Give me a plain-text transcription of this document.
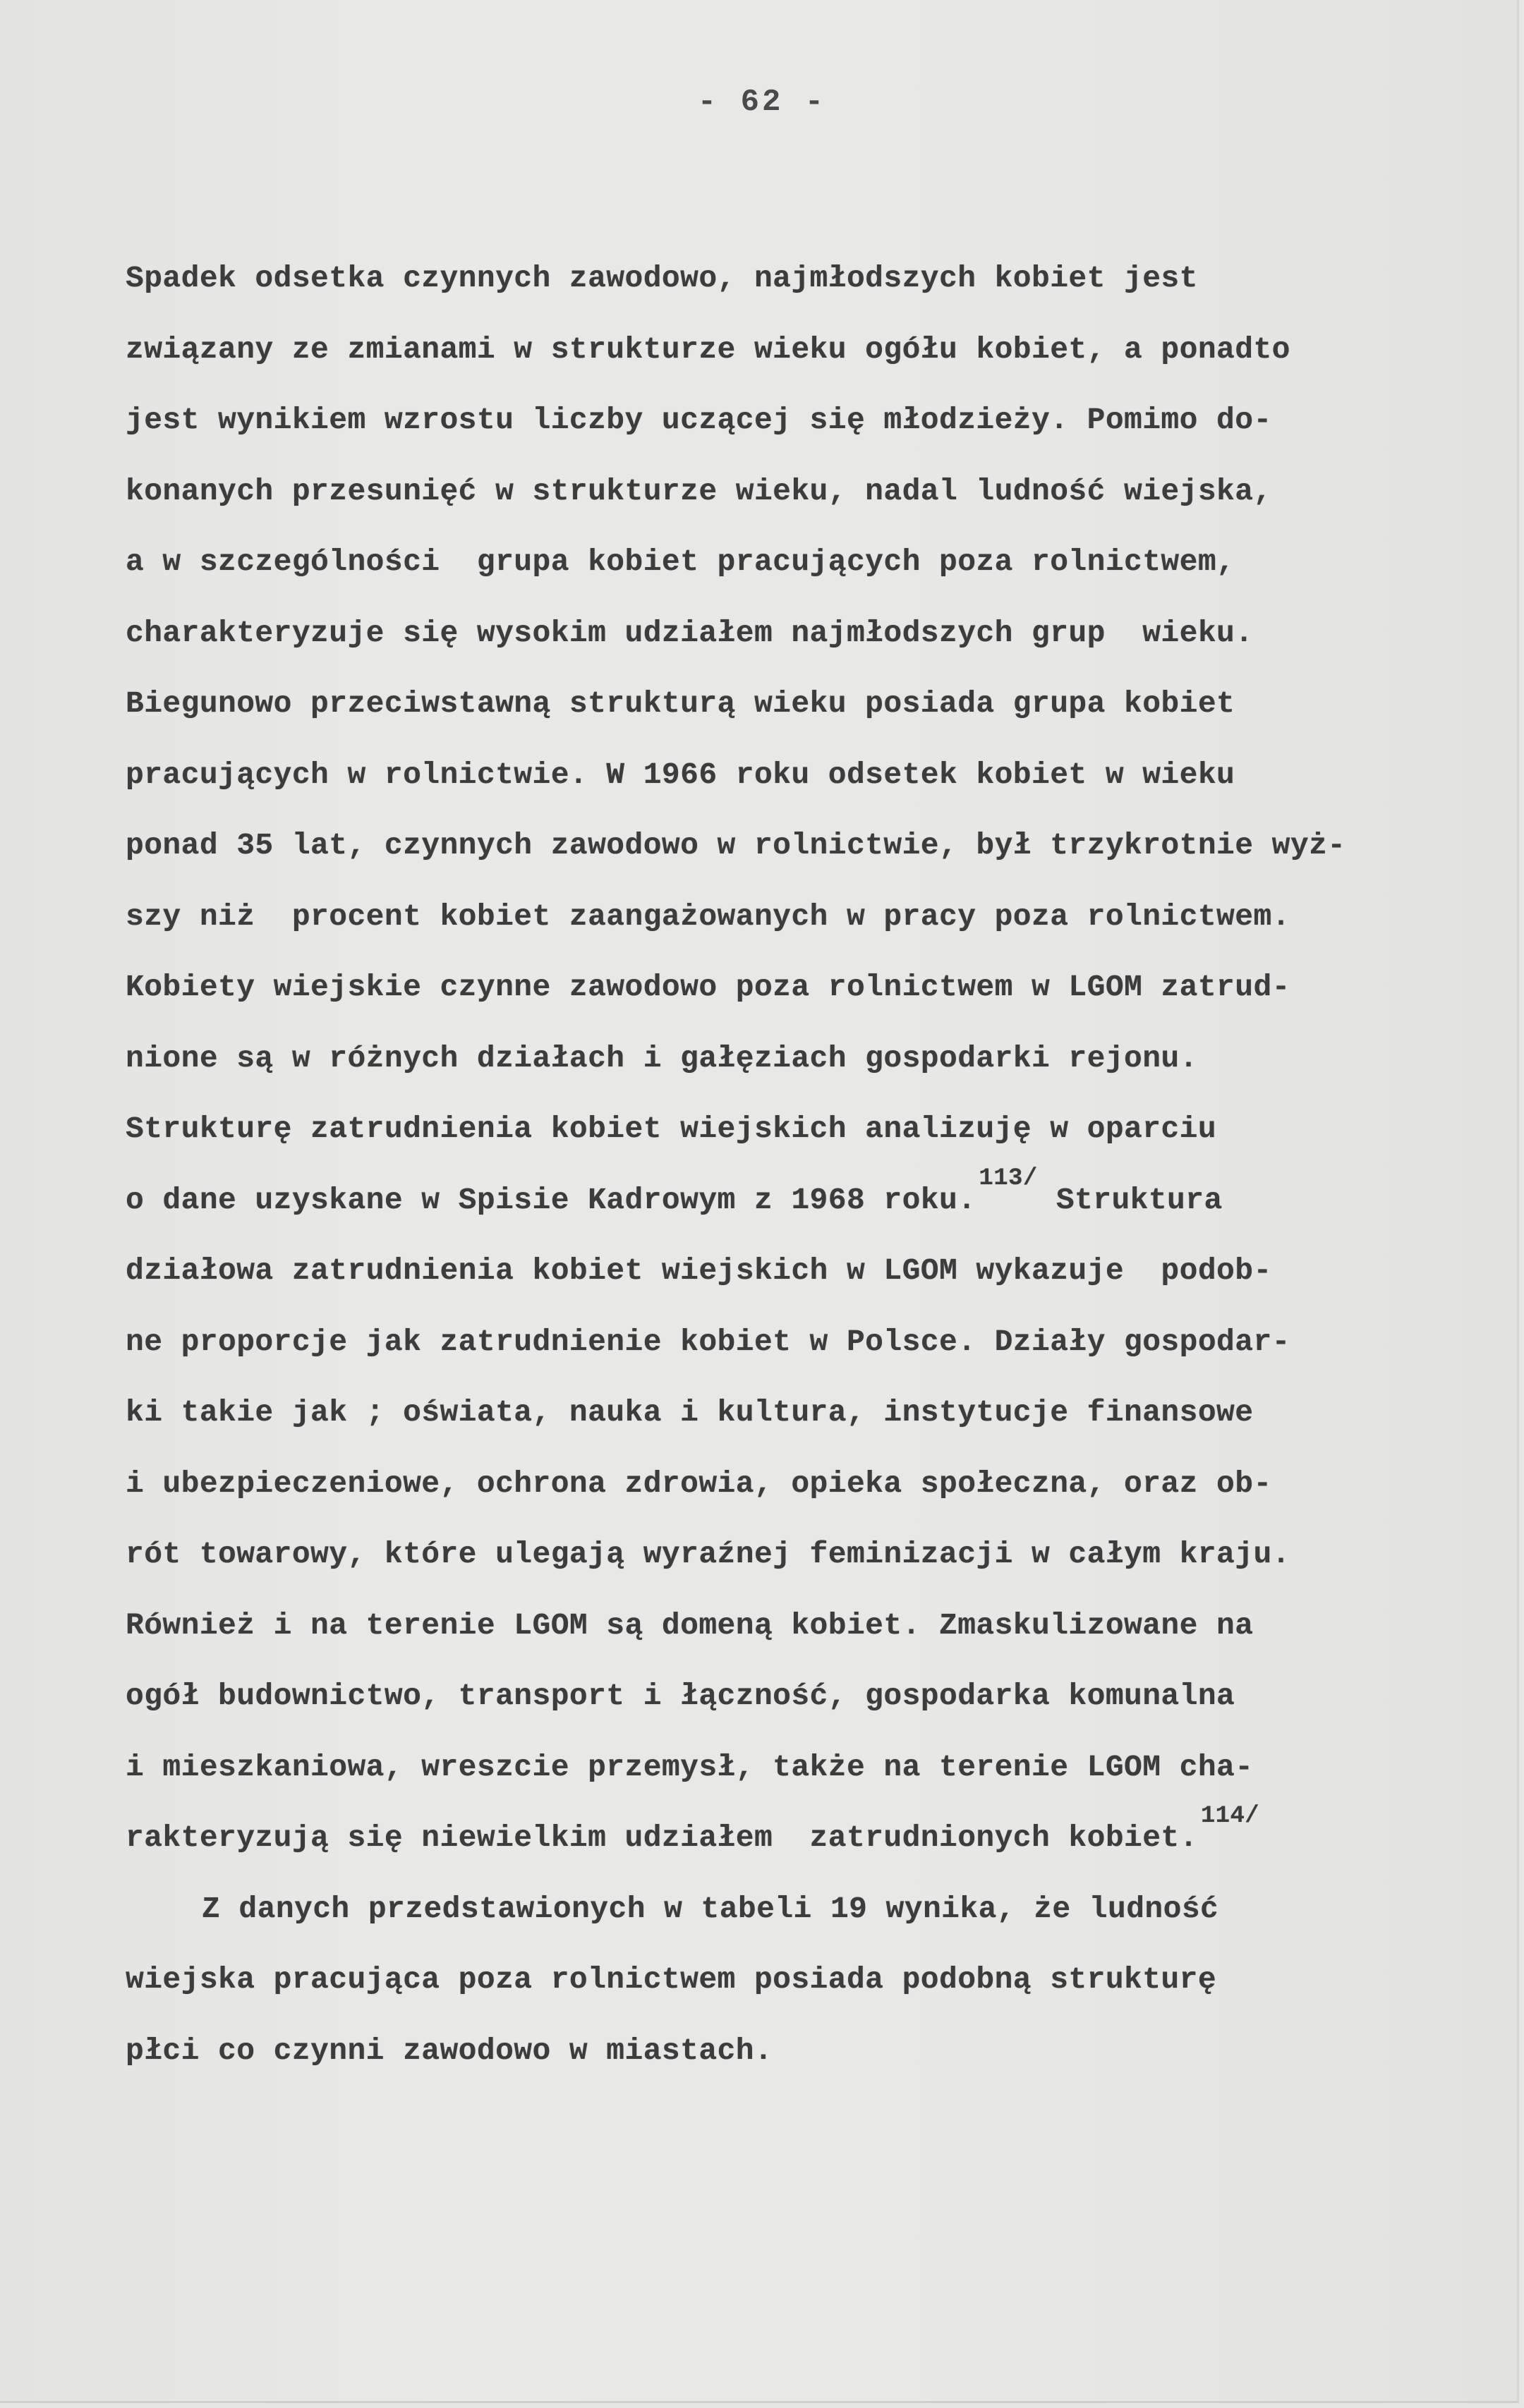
- 62 -
Spadek odsetka czynnych zawodowo, najmłodszych kobiet jest
związany ze zmianami w strukturze wieku ogółu kobiet, a ponadto
jest wynikiem wzrostu liczby uczącej się młodzieży. Pomimo do-
konanych przesunięć w strukturze wieku, nadal ludność wiejska,
a w szczególności  grupa kobiet pracujących poza rolnictwem,
charakteryzuje się wysokim udziałem najmłodszych grup  wieku.
Biegunowo przeciwstawną strukturą wieku posiada grupa kobiet
pracujących w rolnictwie. W 1966 roku odsetek kobiet w wieku
ponad 35 lat, czynnych zawodowo w rolnictwie, był trzykrotnie wyż-
szy niż  procent kobiet zaangażowanych w pracy poza rolnictwem.
Kobiety wiejskie czynne zawodowo poza rolnictwem w LGOM zatrud-
nione są w różnych działach i gałęziach gospodarki rejonu.
Strukturę zatrudnienia kobiet wiejskich analizuję w oparciu
o dane uzyskane w Spisie Kadrowym z 1968 roku.$^{113/}$ Struktura
działowa zatrudnienia kobiet wiejskich w LGOM wykazuje  podob-
ne proporcje jak zatrudnienie kobiet w Polsce. Działy gospodar-
ki takie jak ; oświata, nauka i kultura, instytucje finansowe
i ubezpieczeniowe, ochrona zdrowia, opieka społeczna, oraz ob-
rót towarowy, które ulegają wyraźnej feminizacji w całym kraju.
Również i na terenie LGOM są domeną kobiet. Zmaskulizowane na
ogół budownictwo, transport i łączność, gospodarka komunalna
i mieszkaniowa, wreszcie przemysł, także na terenie LGOM cha-
rakteryzują się niewielkim udziałem  zatrudnionych kobiet.$^{114/}$
Z danych przedstawionych w tabeli 19 wynika, że ludność
wiejska pracująca poza rolnictwem posiada podobną strukturę
płci co czynni zawodowo w miastach.
